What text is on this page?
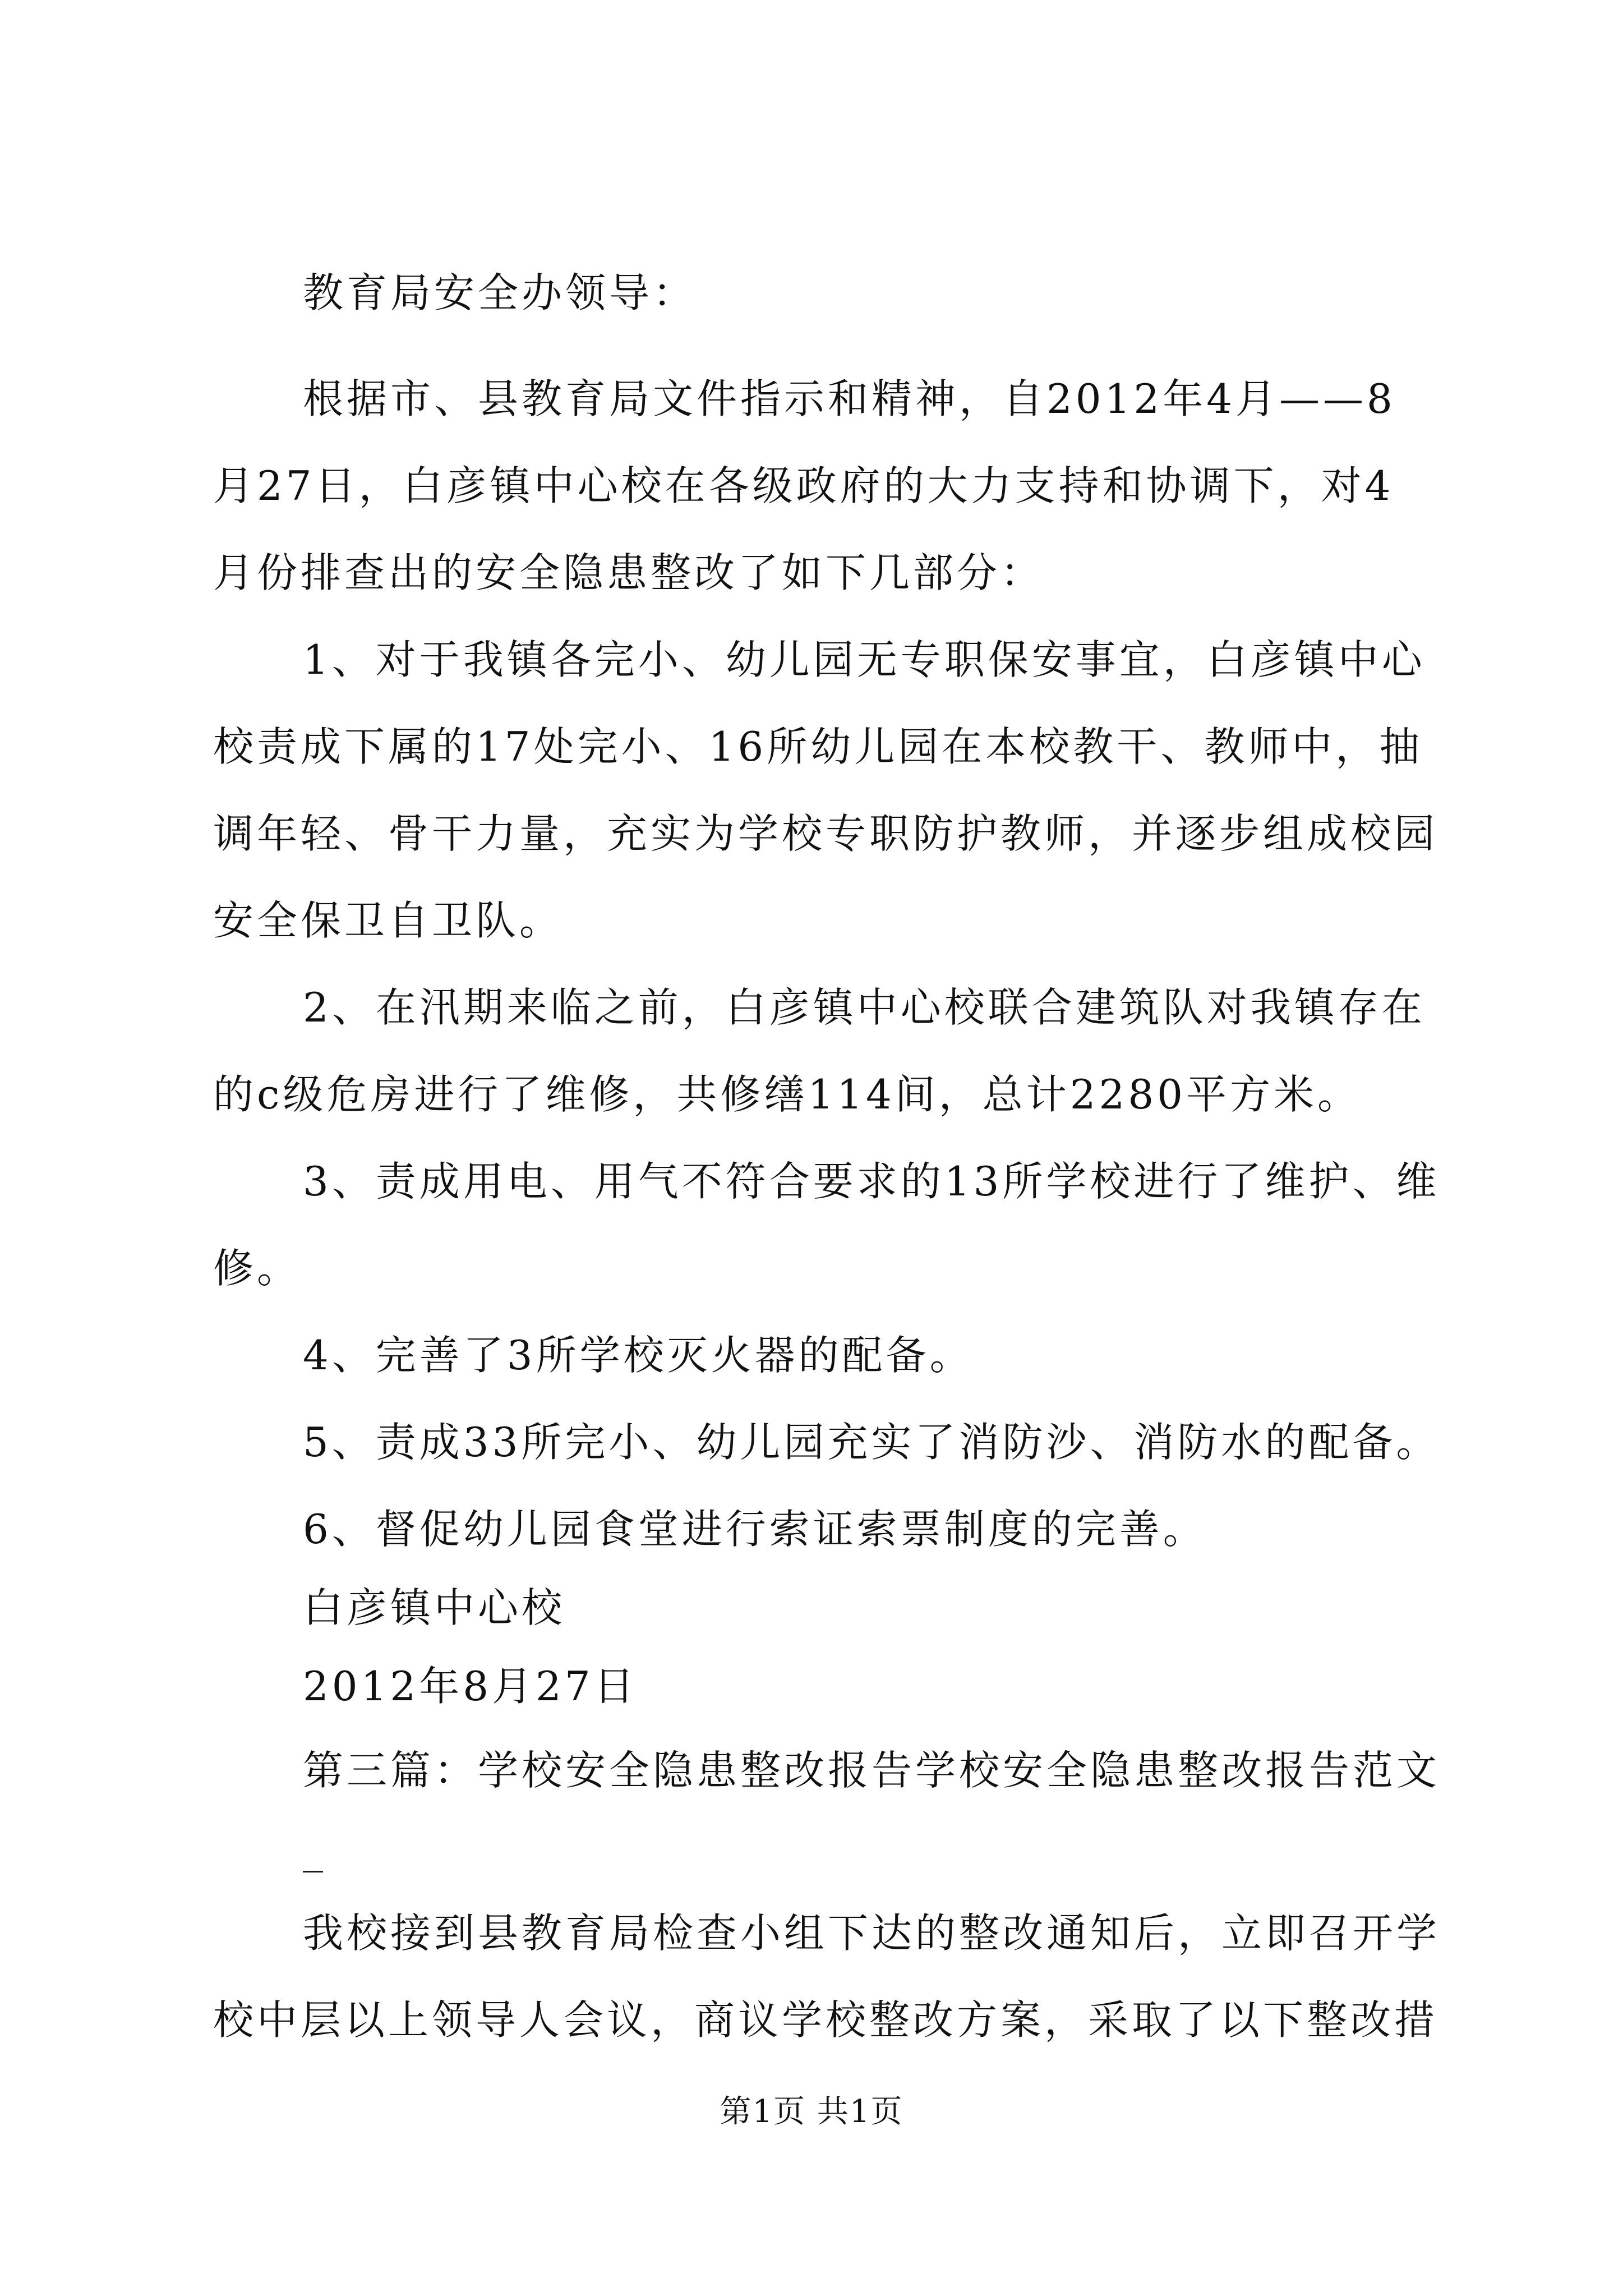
教育局安全办领导：
根据市、县教育局文件指示和精神，自2012年4月——8
月27日，白彦镇中心校在各级政府的大力支持和协调下，对4
月份排查出的安全隐患整改了如下几部分：
1、对于我镇各完小、幼儿园无专职保安事宜，白彦镇中心
校责成下属的17处完小、16所幼儿园在本校教干、教师中，抽
调年轻、骨干力量，充实为学校专职防护教师，并逐步组成校园
安全保卫自卫队。
2、在汛期来临之前，白彦镇中心校联合建筑队对我镇存在
的c级危房进行了维修，共修缮114间，总计2280平方米。
3、责成用电、用气不符合要求的13所学校进行了维护、维
修。
4、完善了3所学校灭火器的配备。
5、责成33所完小、幼儿园充实了消防沙、消防水的配备。
6、督促幼儿园食堂进行索证索票制度的完善。
白彦镇中心校
2012年8月27日
第三篇：学校安全隐患整改报告学校安全隐患整改报告范文
_
我校接到县教育局检查小组下达的整改通知后，立即召开学
校中层以上领导人会议，商议学校整改方案，采取了以下整改措
第1页 共1页
